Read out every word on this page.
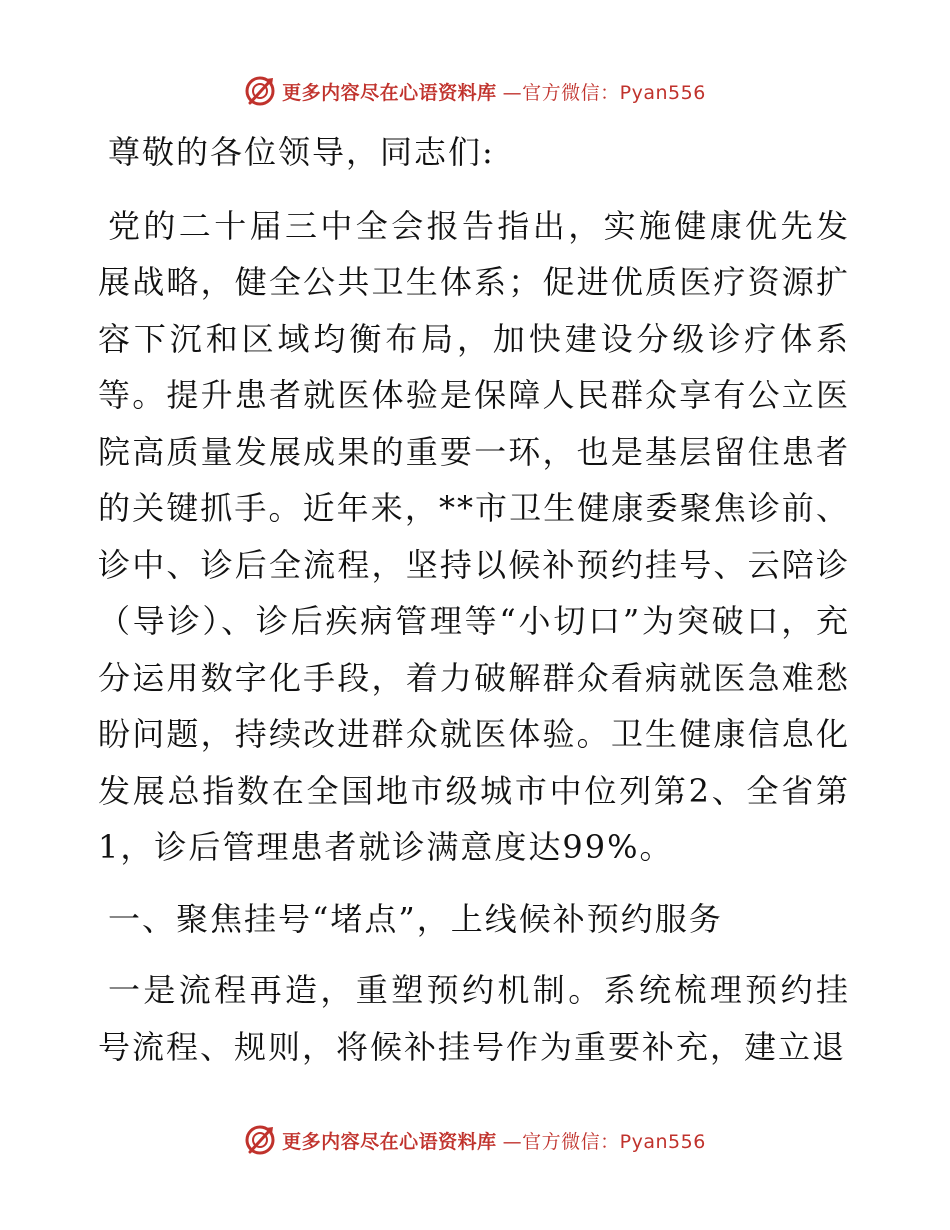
更多内容尽在心语资料库 —官方微信：Pyan556

尊敬的各位领导，同志们:

党的二十届三中全会报告指出，实施健康优先发展战略，健全公共卫生体系；促进优质医疗资源扩容下沉和区域均衡布局，加快建设分级诊疗体系等。提升患者就医体验是保障人民群众享有公立医院高质量发展成果的重要一环，也是基层留住患者的关键抓手。近年来，**市卫生健康委聚焦诊前、诊中、诊后全流程，坚持以候补预约挂号、云陪诊（导诊）、诊后疾病管理等“小切口”为突破口，充分运用数字化手段，着力破解群众看病就医急难愁盼问题，持续改进群众就医体验。卫生健康信息化发展总指数在全国地市级城市中位列第2、全省第1，诊后管理患者就诊满意度达99%。

一、聚焦挂号“堵点”，上线候补预约服务

一是流程再造，重塑预约机制。系统梳理预约挂号流程、规则，将候补挂号作为重要补充，建立退

更多内容尽在心语资料库 —官方微信：Pyan556
